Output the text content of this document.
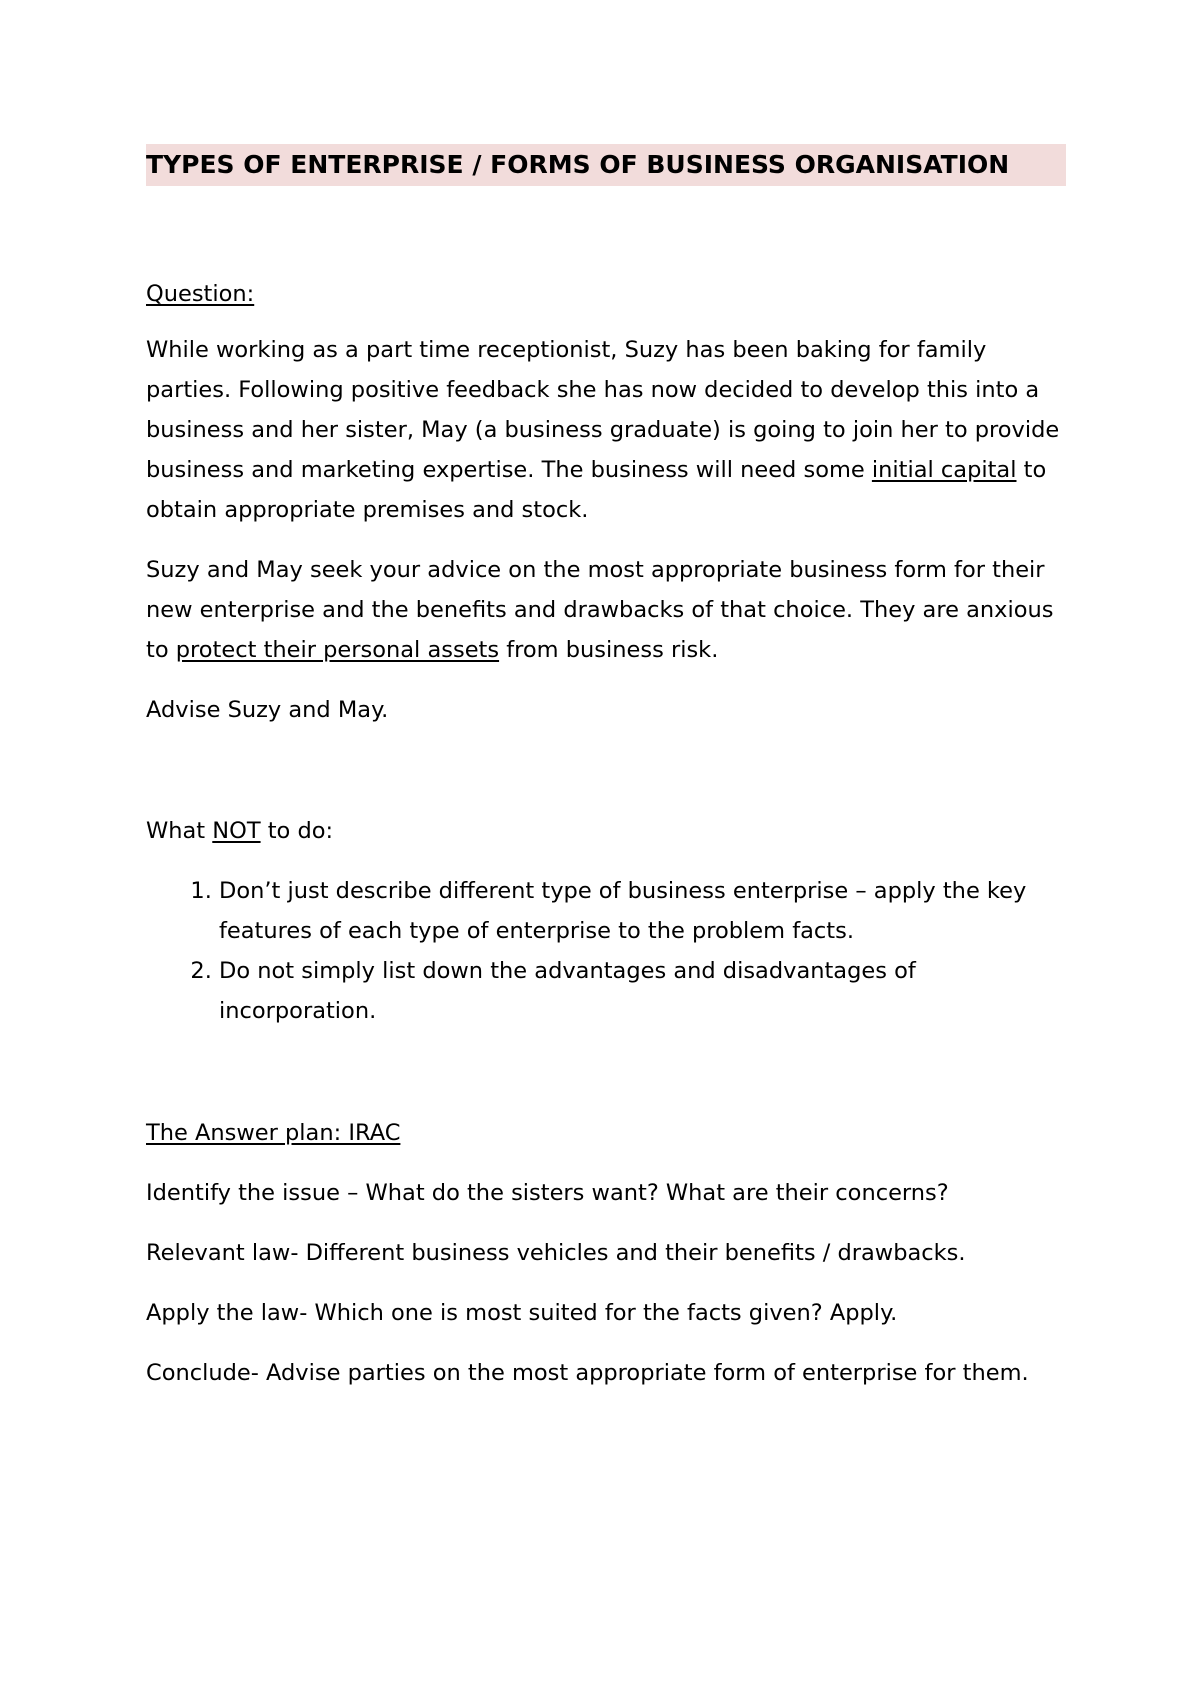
TYPES OF ENTERPRISE / FORMS OF BUSINESS ORGANISATION

Question:

While working as a part time receptionist, Suzy has been baking for family parties. Following positive feedback she has now decided to develop this into a business and her sister, May (a business graduate) is going to join her to provide business and marketing expertise. The business will need some initial capital to obtain appropriate premises and stock.

Suzy and May seek your advice on the most appropriate business form for their new enterprise and the benefits and drawbacks of that choice. They are anxious to protect their personal assets from business risk.

Advise Suzy and May.

What NOT to do:

1. Don’t just describe different type of business enterprise – apply the key features of each type of enterprise to the problem facts.
2. Do not simply list down the advantages and disadvantages of incorporation.

The Answer plan: IRAC

Identify the issue – What do the sisters want? What are their concerns?

Relevant law- Different business vehicles and their benefits / drawbacks.

Apply the law- Which one is most suited for the facts given? Apply.

Conclude- Advise parties on the most appropriate form of enterprise for them.
